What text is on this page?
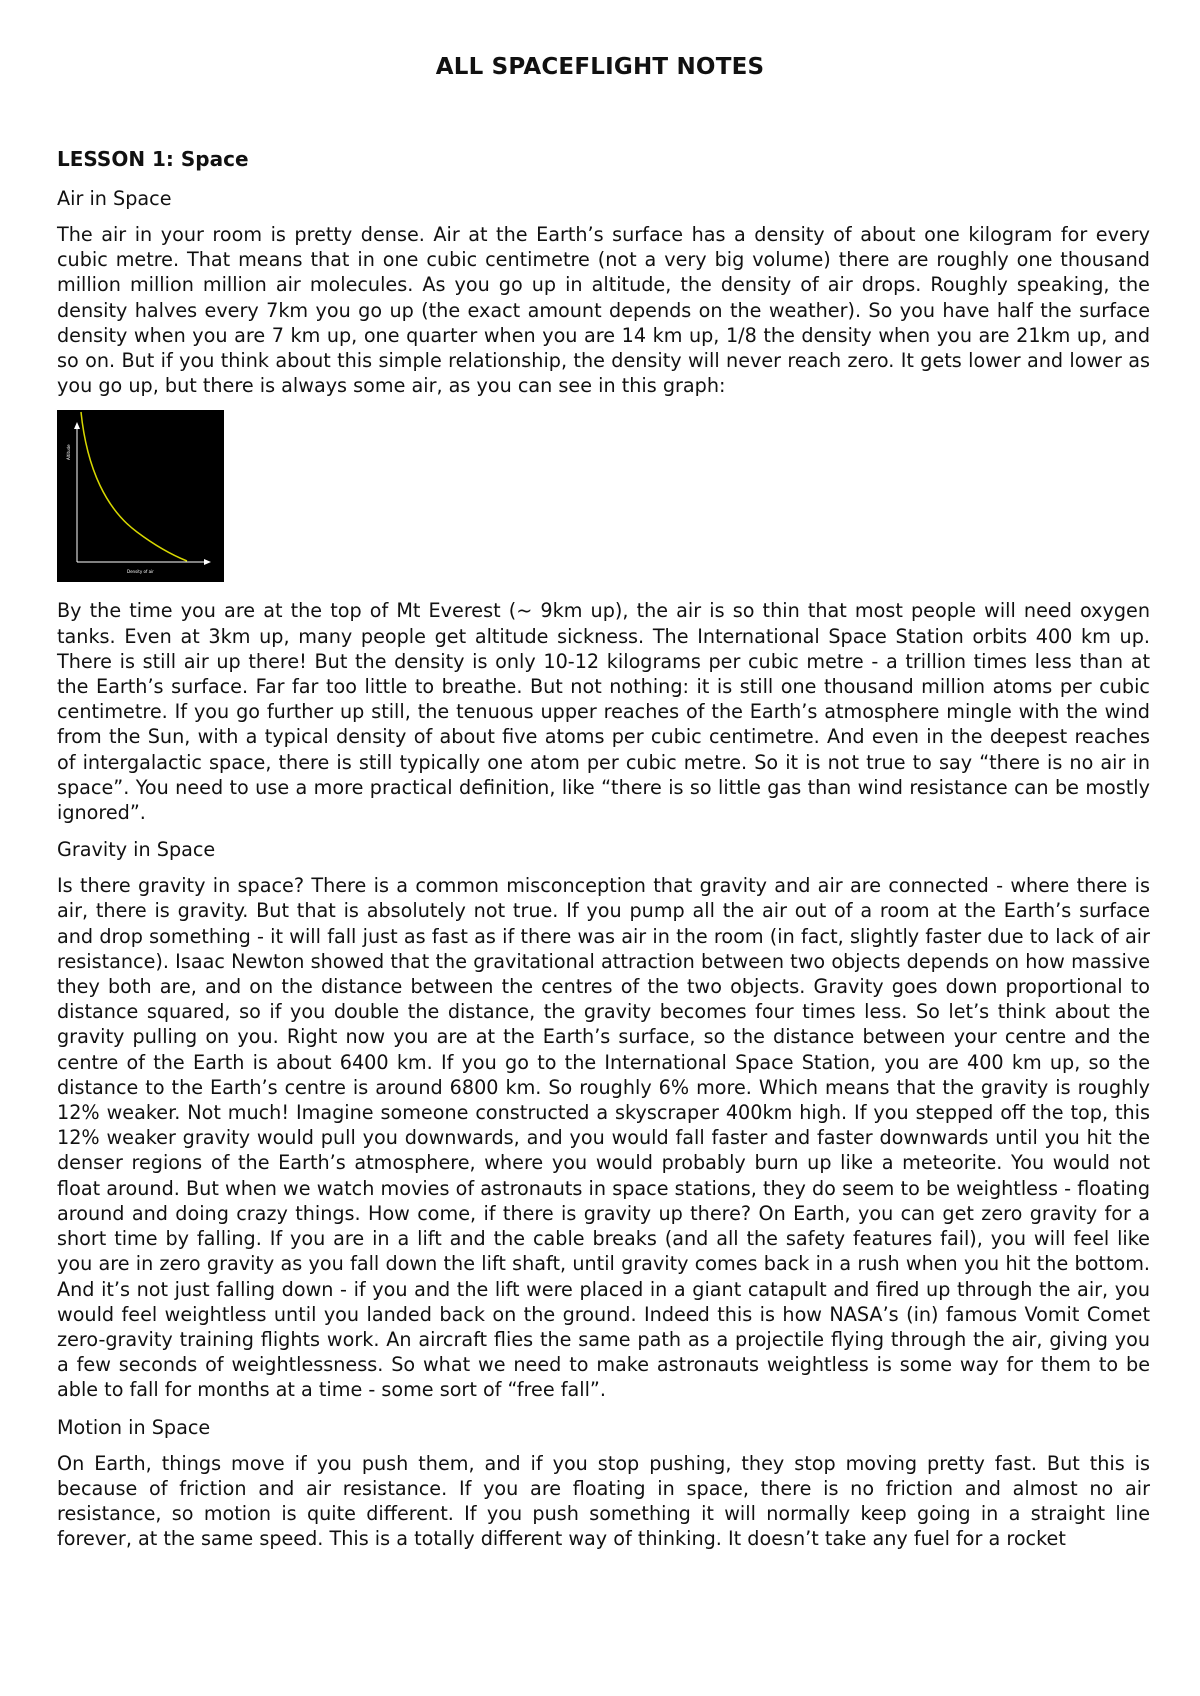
ALL SPACEFLIGHT NOTES
LESSON 1: Space
Air in Space

The air in your room is pretty dense. Air at the Earth’s surface has a density of about one kilogram for every cubic metre. That means that in one cubic centimetre (not a very big volume) there are roughly one thousand million million million air molecules. As you go up in altitude, the density of air drops. Roughly speaking, the density halves every 7km you go up (the exact amount depends on the weather). So you have half the surface density when you are 7 km up, one quarter when you are 14 km up, 1/8 the density when you are 21km up, and so on. But if you think about this simple relationship, the density will never reach zero. It gets lower and lower as you go up, but there is always some air, as you can see in this graph:

Altitude
Density of air

By the time you are at the top of Mt Everest (~ 9km up), the air is so thin that most people will need oxygen tanks. Even at 3km up, many people get altitude sickness. The International Space Station orbits 400 km up. There is still air up there! But the density is only 10-12 kilograms per cubic metre - a trillion times less than at the Earth’s surface. Far far too little to breathe. But not nothing: it is still one thousand million atoms per cubic centimetre. If you go further up still, the tenuous upper reaches of the Earth’s atmosphere mingle with the wind from the Sun, with a typical density of about five atoms per cubic centimetre. And even in the deepest reaches of intergalactic space, there is still typically one atom per cubic metre. So it is not true to say “there is no air in space”. You need to use a more practical definition, like “there is so little gas than wind resistance can be mostly ignored”.

Gravity in Space

Is there gravity in space? There is a common misconception that gravity and air are connected - where there is air, there is gravity. But that is absolutely not true. If you pump all the air out of a room at the Earth’s surface and drop something - it will fall just as fast as if there was air in the room (in fact, slightly faster due to lack of air resistance). Isaac Newton showed that the gravitational attraction between two objects depends on how massive they both are, and on the distance between the centres of the two objects. Gravity goes down proportional to distance squared, so if you double the distance, the gravity becomes four times less. So let’s think about the gravity pulling on you. Right now you are at the Earth’s surface, so the distance between your centre and the centre of the Earth is about 6400 km. If you go to the International Space Station, you are 400 km up, so the distance to the Earth’s centre is around 6800 km. So roughly 6% more. Which means that the gravity is roughly 12% weaker. Not much! Imagine someone constructed a skyscraper 400km high. If you stepped off the top, this 12% weaker gravity would pull you downwards, and you would fall faster and faster downwards until you hit the denser regions of the Earth’s atmosphere, where you would probably burn up like a meteorite. You would not float around. But when we watch movies of astronauts in space stations, they do seem to be weightless - floating around and doing crazy things. How come, if there is gravity up there? On Earth, you can get zero gravity for a short time by falling. If you are in a lift and the cable breaks (and all the safety features fail), you will feel like you are in zero gravity as you fall down the lift shaft, until gravity comes back in a rush when you hit the bottom. And it’s not just falling down - if you and the lift were placed in a giant catapult and fired up through the air, you would feel weightless until you landed back on the ground. Indeed this is how NASA’s (in) famous Vomit Comet zero-gravity training flights work. An aircraft flies the same path as a projectile flying through the air, giving you a few seconds of weightlessness. So what we need to make astronauts weightless is some way for them to be able to fall for months at a time - some sort of “free fall”.

Motion in Space

On Earth, things move if you push them, and if you stop pushing, they stop moving pretty fast. But this is because of friction and air resistance. If you are floating in space, there is no friction and almost no air resistance, so motion is quite different. If you push something it will normally keep going in a straight line forever, at the same speed. This is a totally different way of thinking. It doesn’t take any fuel for a rocket
